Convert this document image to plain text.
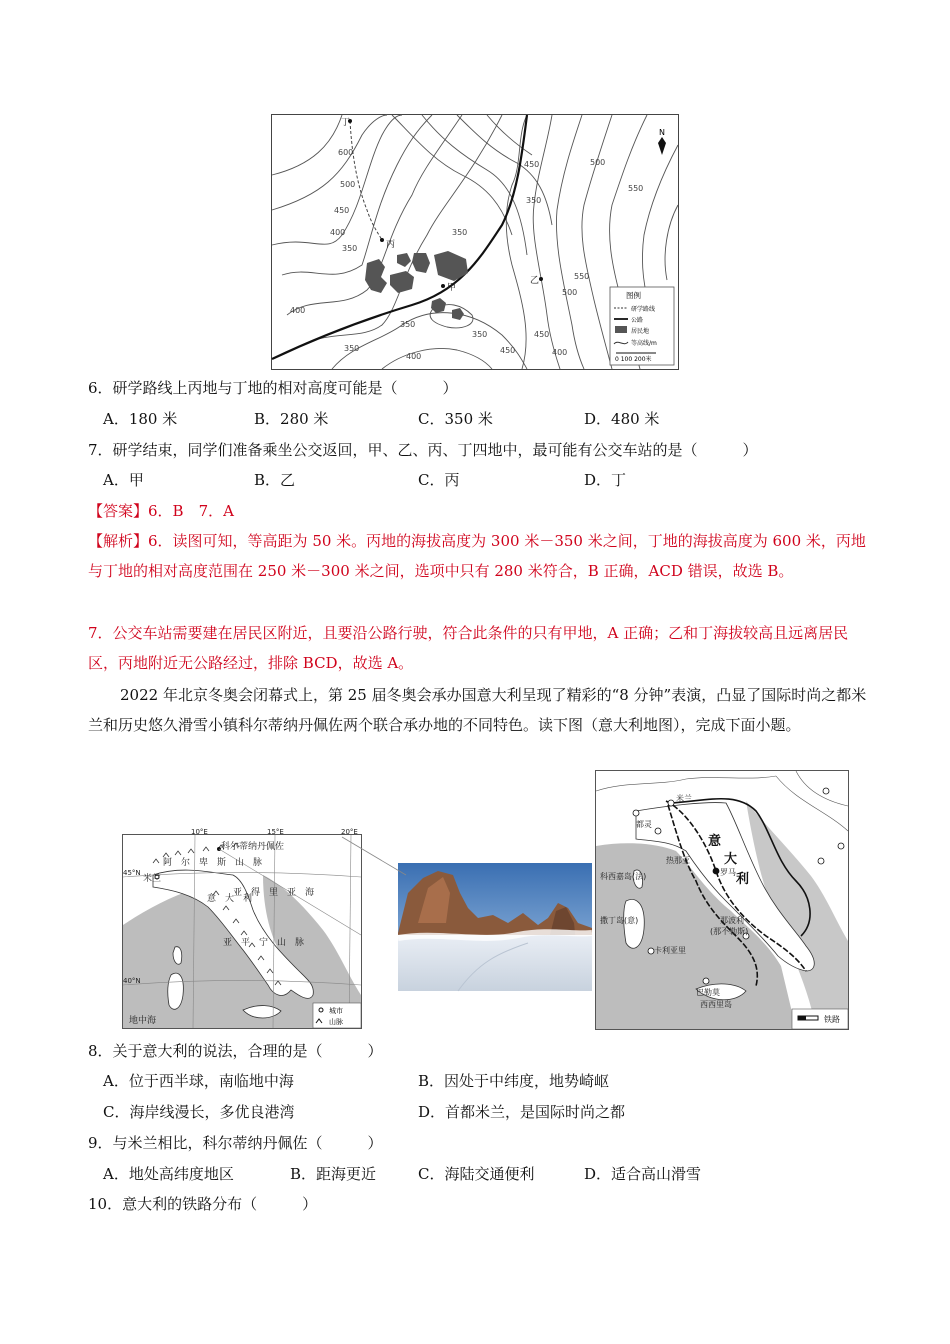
丁
丙
甲
乙
600
500
450
400
350
450	500
550
350
500
550
450
400
350
350
400
450
350
400
350
N
图例
研学路线
公路
居民地
等高线/m
0 100 200米
6．研学路线上丙地与丁地的相对高度可能是（　　　）
A．180 米	B．280 米	C．350 米	D．480 米
7．研学结束，同学们准备乘坐公交返回，甲、乙、丙、丁四地中，最可能有公交车站的是（　　　）
A．甲	B．乙	C．丙	D．丁
【答案】6．B　7．A
【解析】6．读图可知，等高距为 50 米。丙地的海拔高度为 300 米－350 米之间，丁地的海拔高度为 600 米，丙地与丁地的相对高度范围在 250 米－300 米之间，选项中只有 280 米符合，B 正确，ACD 错误，故选 B。
7．公交车站需要建在居民区附近，且要沿公路行驶，符合此条件的只有甲地，A 正确；乙和丁海拔较高且远离居民区，丙地附近无公路经过，排除 BCD，故选 A。
2022 年北京冬奥会闭幕式上，第 25 届冬奥会承办国意大利呈现了精彩的“8 分钟”表演，凸显了国际时尚之都米兰和历史悠久滑雪小镇科尔蒂纳丹佩佐两个联合承办地的不同特色。读下图（意大利地图），完成下面小题。
10°E	15°E	20°E
45°N
40°N
阿　尔　卑　斯　山　脉
科尔蒂纳丹佩佐
米兰
亚　得　里　亚　海
意　大　利
亚　平　宁　山　脉
地中海
城市
山脉
米兰
都灵
热那亚
罗马
科西嘉岛(法)
撒丁岛(意)
卡利亚里
那波利
(那不勒斯)
巴勒莫
西西里岛
意
大
利
铁路
8．关于意大利的说法，合理的是（　　　）
A．位于西半球，南临地中海	B．因处于中纬度，地势崎岖
C．海岸线漫长，多优良港湾	D．首都米兰，是国际时尚之都
9．与米兰相比，科尔蒂纳丹佩佐（　　　）
A．地处高纬度地区	B．距海更近	C．海陆交通便利	D．适合高山滑雪
10．意大利的铁路分布（　　　）
